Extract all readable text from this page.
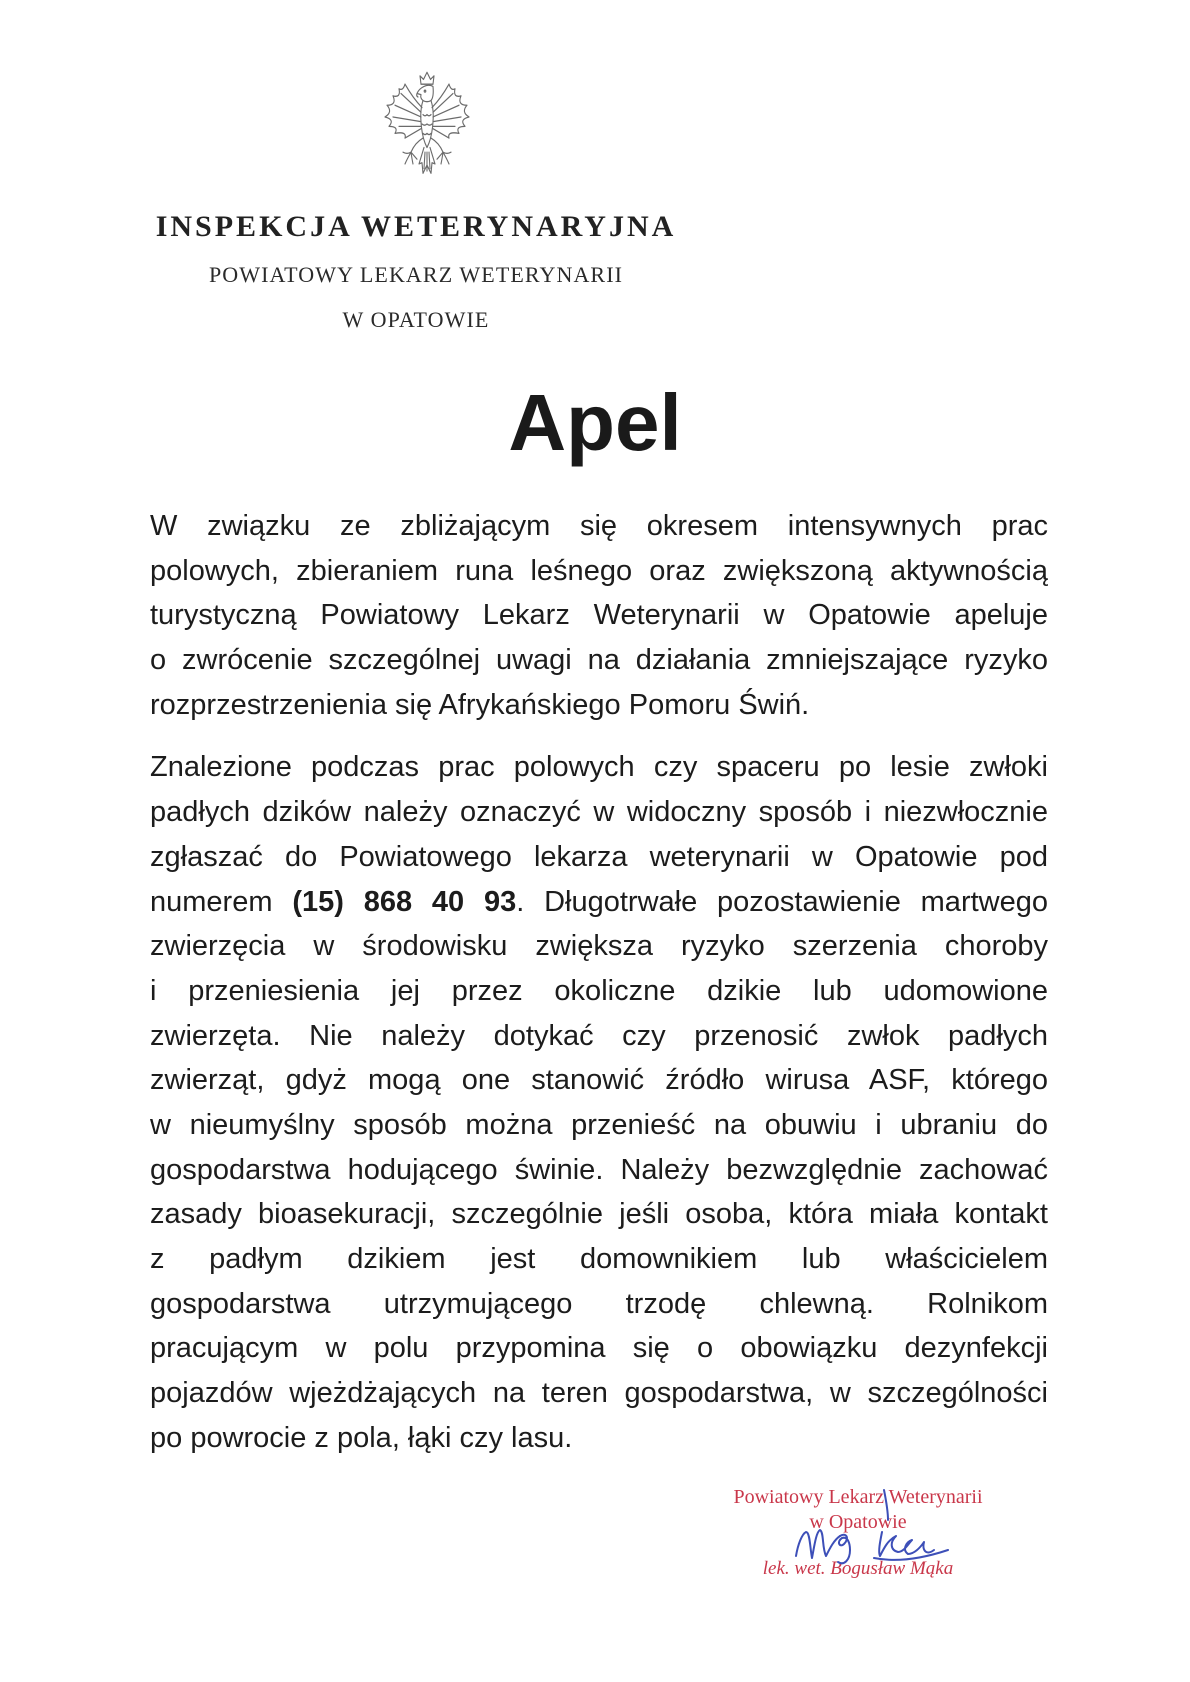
INSPEKCJA WETERYNARYJNA
POWIATOWY LEKARZ WETERYNARII
W OPATOWIE
Apel
W związku ze zbliżającym się okresem intensywnych prac
polowych, zbieraniem runa leśnego oraz zwiększoną aktywnością
turystyczną Powiatowy Lekarz Weterynarii w Opatowie apeluje
o zwrócenie szczególnej uwagi na działania zmniejszające ryzyko
rozprzestrzenienia się Afrykańskiego Pomoru Świń.
Znalezione podczas prac polowych czy spaceru po lesie zwłoki
padłych dzików należy oznaczyć w widoczny sposób i niezwłocznie
zgłaszać do Powiatowego lekarza weterynarii w Opatowie pod
numerem (15) 868 40 93. Długotrwałe pozostawienie martwego
zwierzęcia w środowisku zwiększa ryzyko szerzenia choroby
i przeniesienia jej przez okoliczne dzikie lub udomowione
zwierzęta. Nie należy dotykać czy przenosić zwłok padłych
zwierząt, gdyż mogą one stanowić źródło wirusa ASF, którego
w nieumyślny sposób można przenieść na obuwiu i ubraniu do
gospodarstwa hodującego świnie. Należy bezwzględnie zachować
zasady bioasekuracji, szczególnie jeśli osoba, która miała kontakt
z padłym dzikiem jest domownikiem lub właścicielem
gospodarstwa utrzymującego trzodę chlewną. Rolnikom
pracującym w polu przypomina się o obowiązku dezynfekcji
pojazdów wjeżdżających na teren gospodarstwa, w szczególności
po powrocie z pola, łąki czy lasu.
Powiatowy Lekarz Weterynarii
w Opatowie
lek. wet. Bogusław Mąka
